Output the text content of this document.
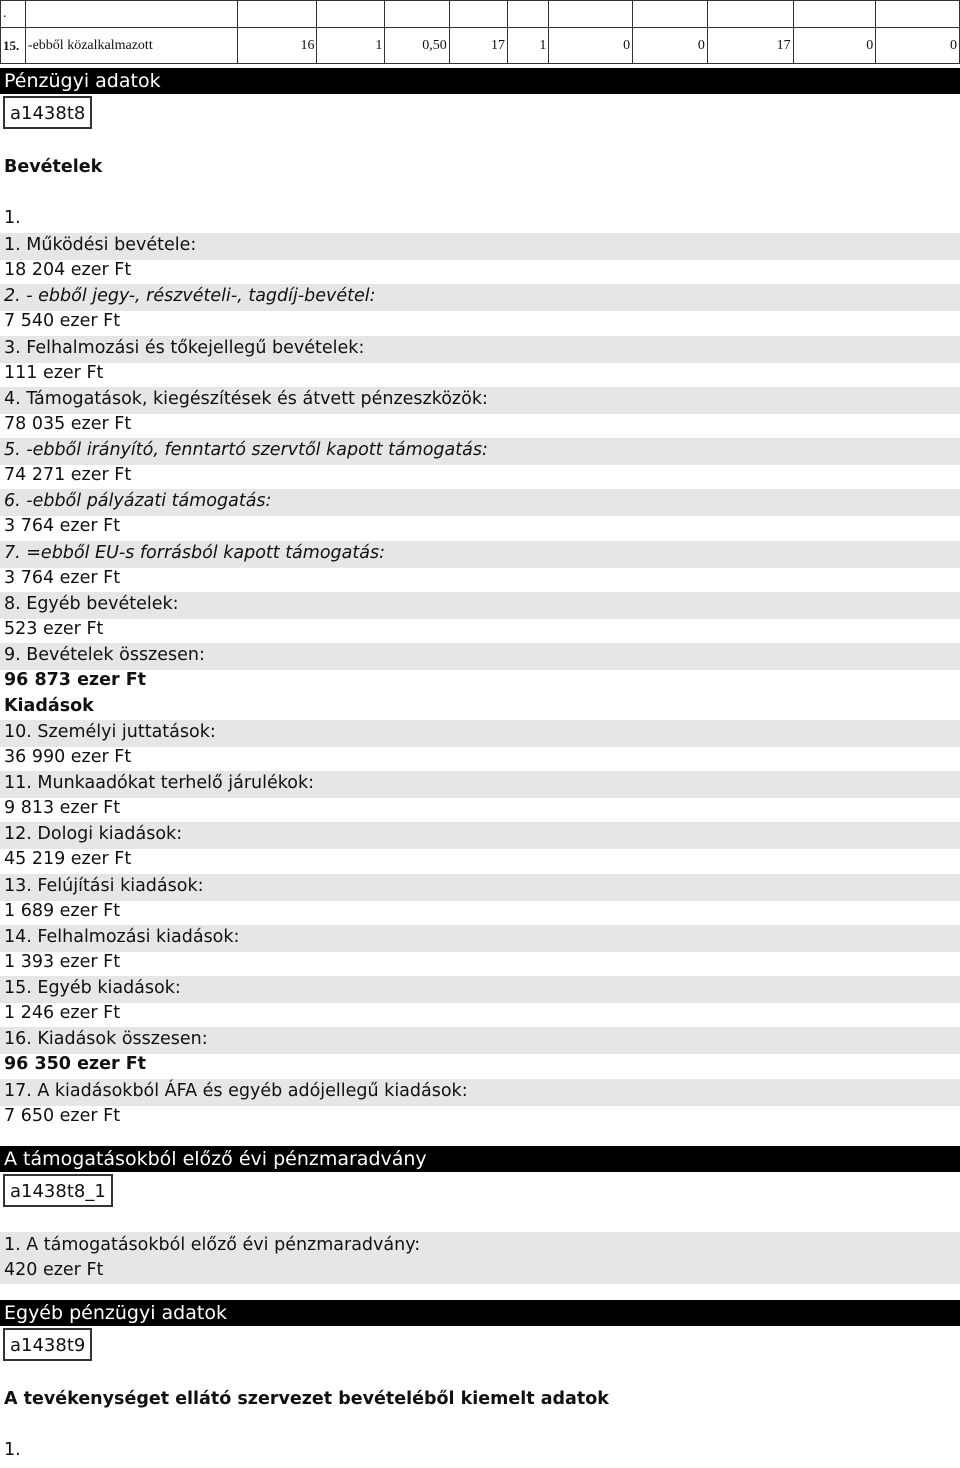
.											
15.	-ebből közalkalmazott	16	1	0,50	17	1	0	0	17	0	0
Pénzügyi adatok
a1438t8
Bevételek
1.
1. Működési bevétele:
18 204 ezer Ft
2. - ebből jegy-, részvételi-, tagdíj-bevétel:
7 540 ezer Ft
3. Felhalmozási és tőkejellegű bevételek:
111 ezer Ft
4. Támogatások, kiegészítések és átvett pénzeszközök:
78 035 ezer Ft
5. -ebből irányító, fenntartó szervtől kapott támogatás:
74 271 ezer Ft
6. -ebből pályázati támogatás:
3 764 ezer Ft
7. =ebből EU-s forrásból kapott támogatás:
3 764 ezer Ft
8. Egyéb bevételek:
523 ezer Ft
9. Bevételek összesen:
96 873 ezer Ft
Kiadások
10. Személyi juttatások:
36 990 ezer Ft
11. Munkaadókat terhelő járulékok:
9 813 ezer Ft
12. Dologi kiadások:
45 219 ezer Ft
13. Felújítási kiadások:
1 689 ezer Ft
14. Felhalmozási kiadások:
1 393 ezer Ft
15. Egyéb kiadások:
1 246 ezer Ft
16. Kiadások összesen:
96 350 ezer Ft
17. A kiadásokból ÁFA és egyéb adójellegű kiadások:
7 650 ezer Ft
A támogatásokból előző évi pénzmaradvány
a1438t8_1
1. A támogatásokból előző évi pénzmaradvány:
420 ezer Ft
Egyéb pénzügyi adatok
a1438t9
A tevékenységet ellátó szervezet bevételéből kiemelt adatok
1.
